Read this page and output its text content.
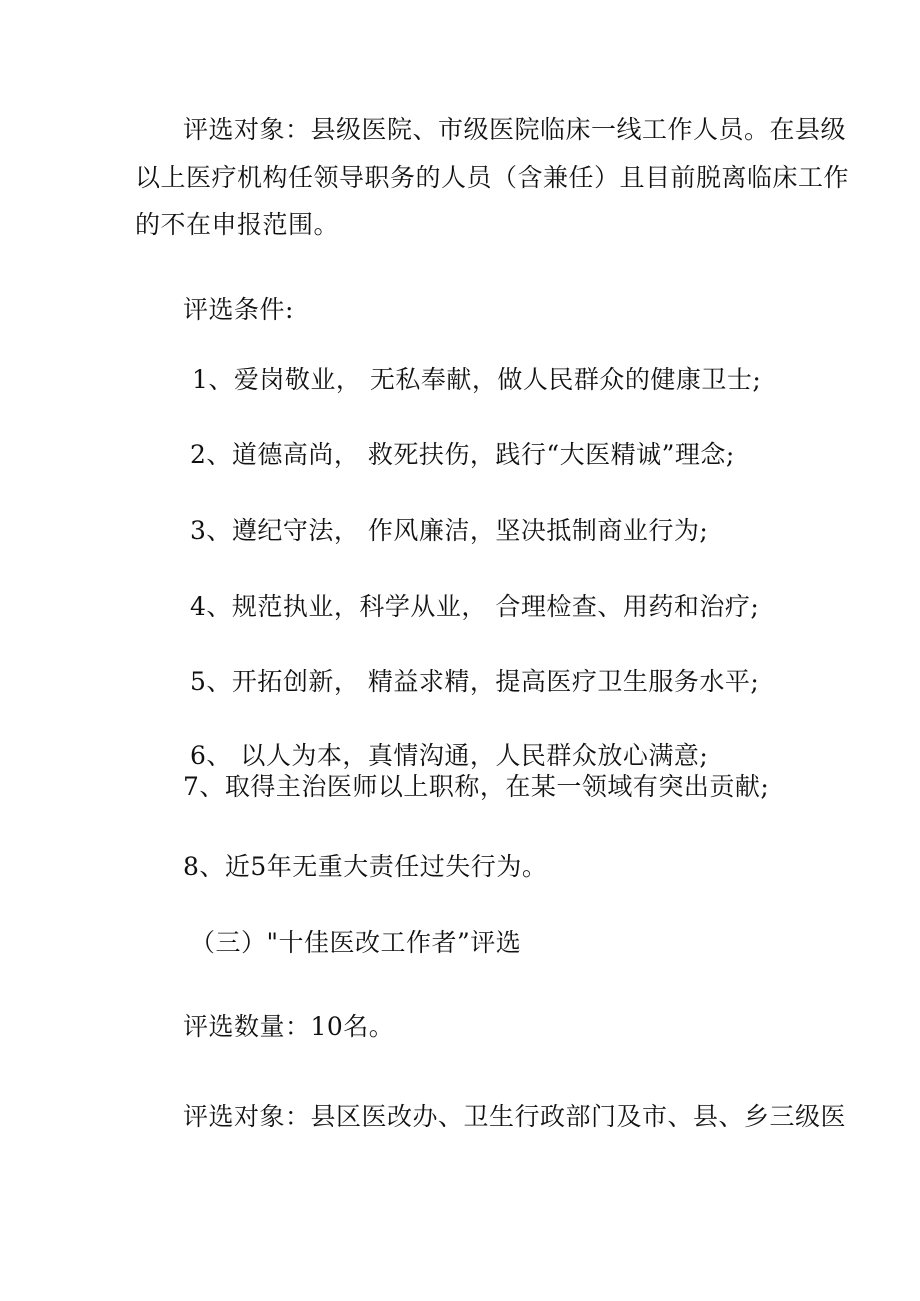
评选对象：县级医院、市级医院临床一线工作人员。在县级
以上医疗机构任领导职务的人员（含兼任）且目前脱离临床工作
的不在申报范围。
评选条件:
1、爱岗敬业， 无私奉献，做人民群众的健康卫士;
2、道德高尚， 救死扶伤，践行“大医精诚”理念;
3、遵纪守法， 作风廉洁，坚决抵制商业行为;
4、规范执业，科学从业， 合理检查、用药和治疗;
5、开拓创新， 精益求精，提高医疗卫生服务水平;
6、 以人为本，真情沟通，人民群众放心满意;
7、取得主治医师以上职称，在某一领域有突出贡献;
8、近5年无重大责任过失行为。
（三）"十佳医改工作者”评选
评选数量：10名。
评选对象：县区医改办、卫生行政部门及市、县、乡三级医
